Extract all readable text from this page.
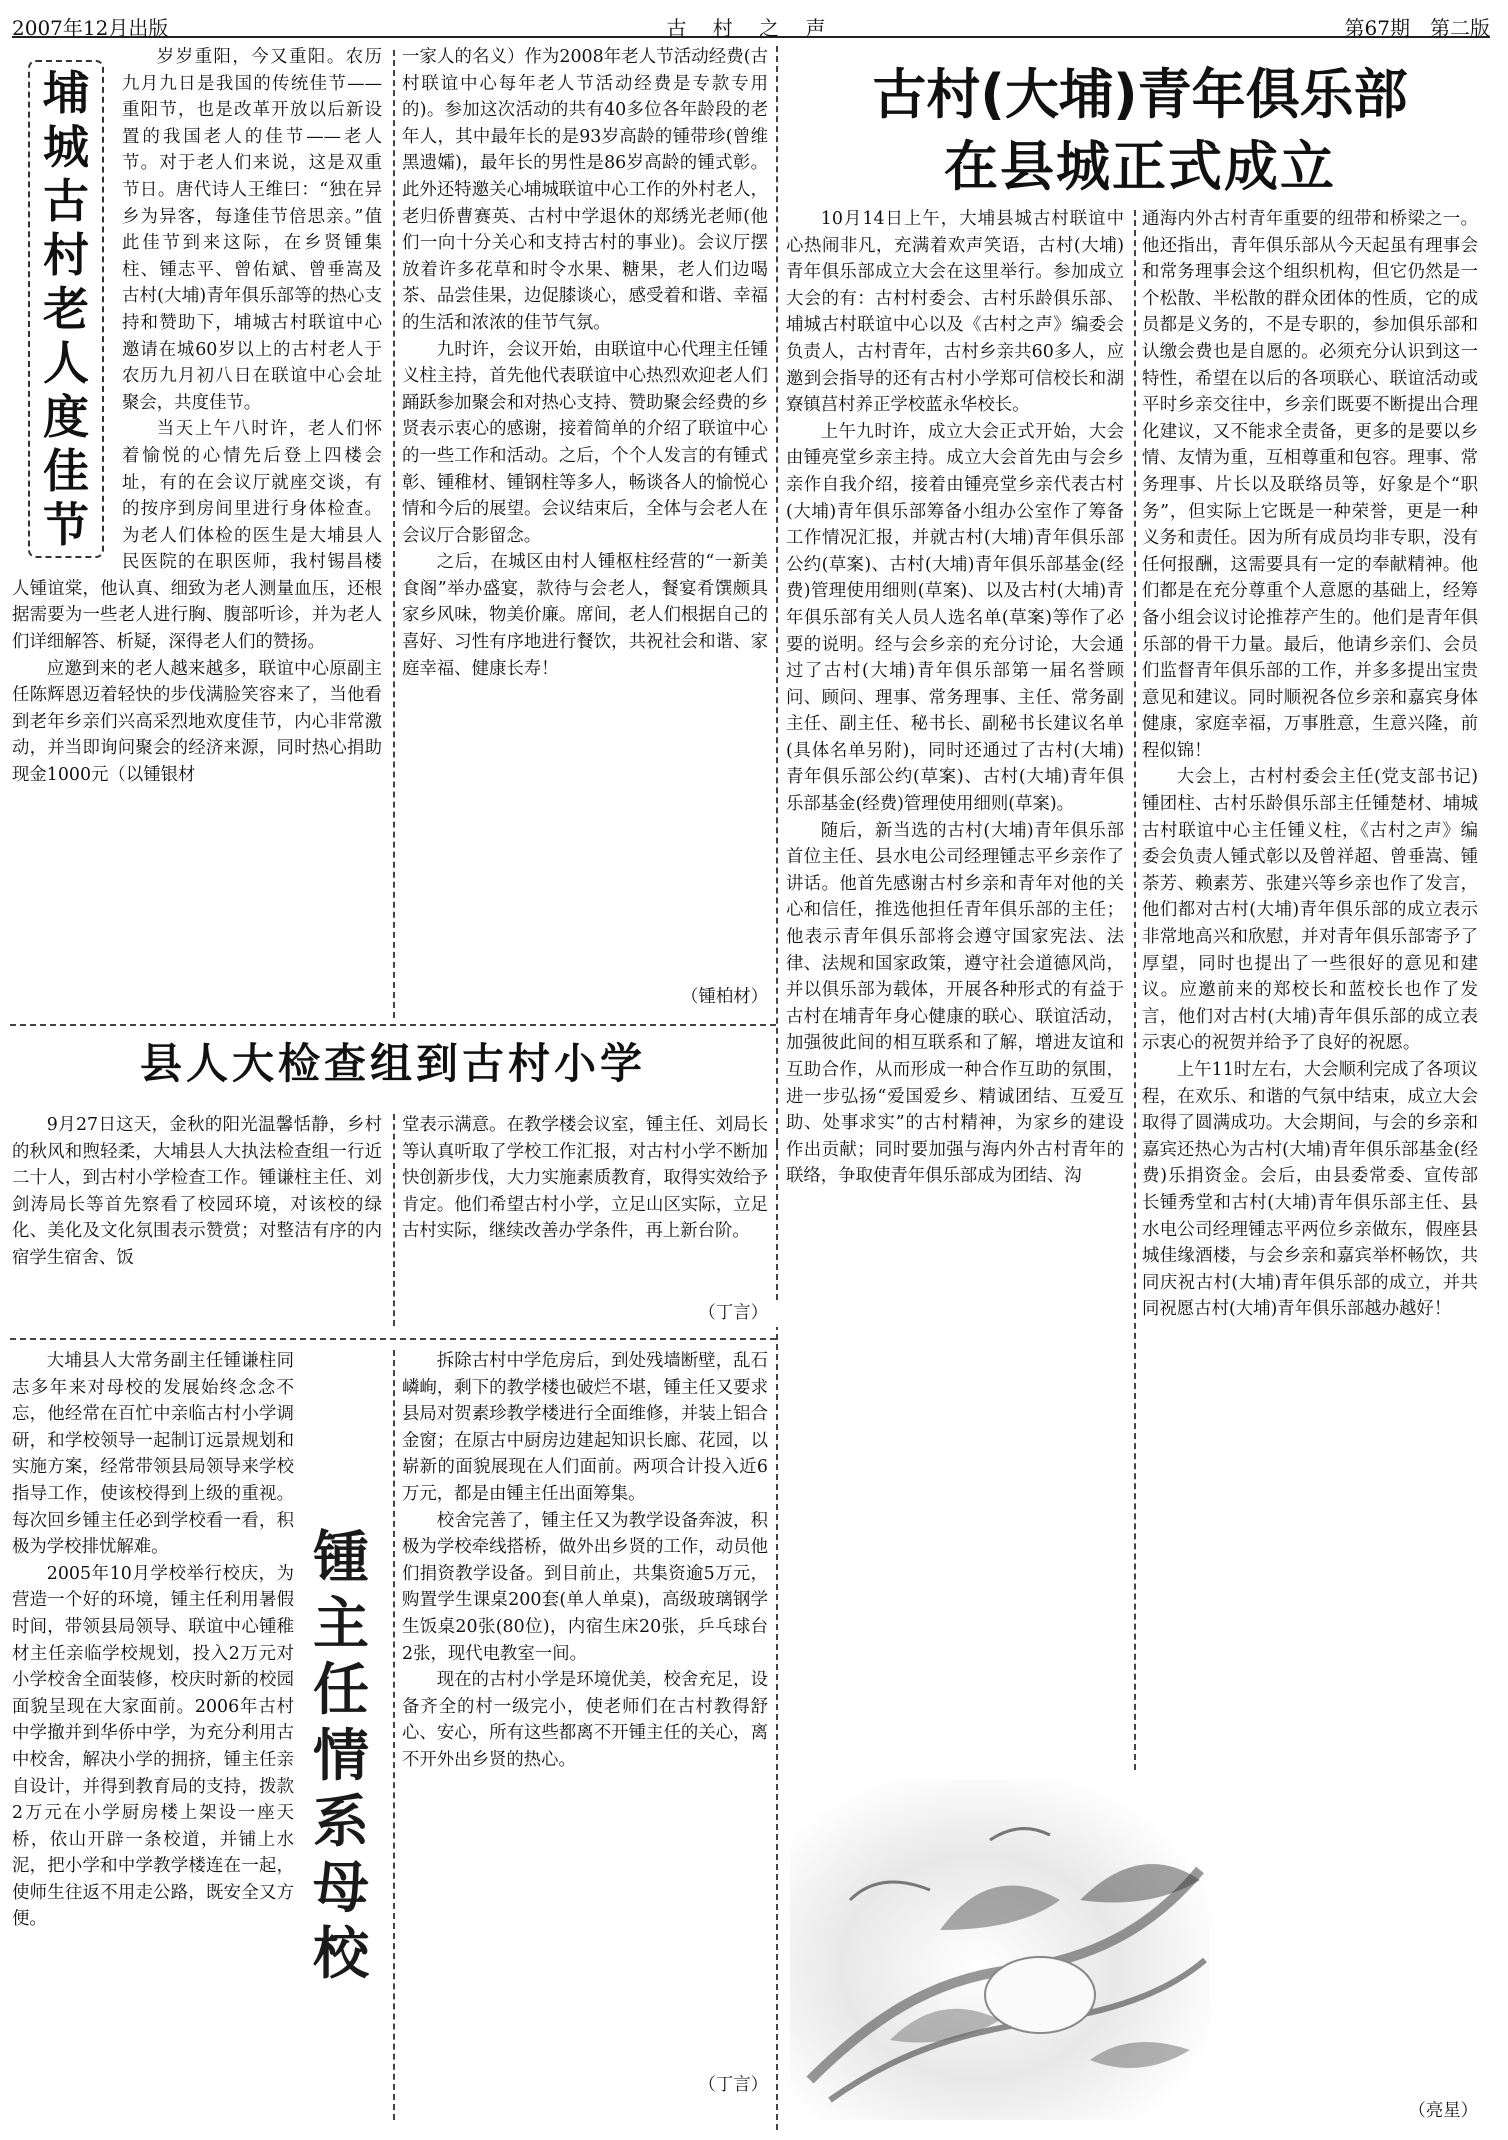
2007年12月出版	古 村 之 声	第67期　第二版
埔
城
古
村
老
人
度
佳
节

岁岁重阳，今又重阳。农历九月九日是我国的传统佳节——重阳节，也是改革开放以后新设置的我国老人的佳节——老人节。对于老人们来说，这是双重节日。唐代诗人王维曰：“独在异乡为异客，每逢佳节倍思亲。”值此佳节到来这际，在乡贤锺集柱、锺志平、曾佑斌、曾垂嵩及古村(大埔)青年俱乐部等的热心支持和赞助下，埔城古村联谊中心邀请在城60岁以上的古村老人于农历九月初八日在联谊中心会址聚会，共度佳节。

当天上午八时许，老人们怀着愉悦的心情先后登上四楼会址，有的在会议厅就座交谈，有的按序到房间里进行身体检查。为老人们体检的医生是大埔县人民医院的在职医师，我村锡昌楼人锺谊棠，他认真、细致为老人测量血压，还根据需要为一些老人进行胸、腹部听诊，并为老人们详细解答、析疑，深得老人们的赞扬。

应邀到来的老人越来越多，联谊中心原副主任陈辉恩迈着轻快的步伐满脸笑容来了，当他看到老年乡亲们兴高采烈地欢度佳节，内心非常激动，并当即询问聚会的经济来源，同时热心捐助现金1000元（以锺银材

一家人的名义）作为2008年老人节活动经费(古村联谊中心每年老人节活动经费是专款专用的)。参加这次活动的共有40多位各年龄段的老年人，其中最年长的是93岁高龄的锺带珍(曾维黑遗孀)，最年长的男性是86岁高龄的锺式彰。此外还特邀关心埔城联谊中心工作的外村老人，老归侨曹赛英、古村中学退休的郑绣光老师(他们一向十分关心和支持古村的事业)。会议厅摆放着许多花草和时令水果、糖果，老人们边喝茶、品尝佳果，边促膝谈心，感受着和谐、幸福的生活和浓浓的佳节气氛。

九时许，会议开始，由联谊中心代理主任锺义柱主持，首先他代表联谊中心热烈欢迎老人们踊跃参加聚会和对热心支持、赞助聚会经费的乡贤表示衷心的感谢，接着简单的介绍了联谊中心的一些工作和活动。之后，个个人发言的有锺式彰、锺稚材、锺钢柱等多人，畅谈各人的愉悦心情和今后的展望。会议结束后，全体与会老人在会议厅合影留念。

之后，在城区由村人锺枢柱经营的“一新美食阁”举办盛宴，款待与会老人，餐宴肴馔颇具家乡风味，物美价廉。席间，老人们根据自己的喜好、习性有序地进行餐饮，共祝社会和谐、家庭幸福、健康长寿！

（锺柏材）
县人大检查组到古村小学

9月27日这天，金秋的阳光温馨恬静，乡村的秋风和煦轻柔，大埔县人大执法检查组一行近二十人，到古村小学检查工作。锺谦柱主任、刘剑涛局长等首先察看了校园环境，对该校的绿化、美化及文化氛围表示赞赏；对整洁有序的内宿学生宿舍、饭

堂表示满意。在教学楼会议室，锺主任、刘局长等认真听取了学校工作汇报，对古村小学不断加快创新步伐，大力实施素质教育，取得实效给予肯定。他们希望古村小学，立足山区实际，立足古村实际，继续改善办学条件，再上新台阶。

（丁言）

大埔县人大常务副主任锺谦柱同志多年来对母校的发展始终念念不忘，他经常在百忙中亲临古村小学调研，和学校领导一起制订远景规划和实施方案，经常带领县局领导来学校指导工作，使该校得到上级的重视。每次回乡锺主任必到学校看一看，积极为学校排忧解难。

2005年10月学校举行校庆，为营造一个好的环境，锺主任利用暑假时间，带领县局领导、联谊中心锺稚材主任亲临学校规划，投入2万元对小学校舍全面装修，校庆时新的校园面貌呈现在大家面前。2006年古村中学撤并到华侨中学，为充分利用古中校舍，解决小学的拥挤，锺主任亲自设计，并得到教育局的支持，拨款2万元在小学厨房楼上架设一座天桥，依山开辟一条校道，并铺上水泥，把小学和中学教学楼连在一起，使师生往返不用走公路，既安全又方便。

锺
主
任
情
系
母
校

拆除古村中学危房后，到处残墙断壁，乱石嶙峋，剩下的教学楼也破烂不堪，锺主任又要求县局对贺素珍教学楼进行全面维修，并装上铝合金窗；在原古中厨房边建起知识长廊、花园，以崭新的面貌展现在人们面前。两项合计投入近6万元，都是由锺主任出面筹集。

校舍完善了，锺主任又为教学设备奔波，积极为学校牵线搭桥，做外出乡贤的工作，动员他们捐资教学设备。到目前止，共集资逾5万元，购置学生课桌200套(单人单桌)，高级玻璃钢学生饭桌20张(80位)，内宿生床20张，乒乓球台2张，现代电教室一间。

现在的古村小学是环境优美，校舍充足，设备齐全的村一级完小，使老师们在古村教得舒心、安心，所有这些都离不开锺主任的关心，离不开外出乡贤的热心。

（丁言）
古村(大埔)青年俱乐部
在县城正式成立

10月14日上午，大埔县城古村联谊中心热闹非凡，充满着欢声笑语，古村(大埔)青年俱乐部成立大会在这里举行。参加成立大会的有：古村村委会、古村乐龄俱乐部、埔城古村联谊中心以及《古村之声》编委会负责人，古村青年，古村乡亲共60多人，应邀到会指导的还有古村小学郑可信校长和湖寮镇莒村养正学校蓝永华校长。

上午九时许，成立大会正式开始，大会由锺亮堂乡亲主持。成立大会首先由与会乡亲作自我介绍，接着由锺亮堂乡亲代表古村(大埔)青年俱乐部筹备小组办公室作了筹备工作情况汇报，并就古村(大埔)青年俱乐部公约(草案)、古村(大埔)青年俱乐部基金(经费)管理使用细则(草案)、以及古村(大埔)青年俱乐部有关人员人选名单(草案)等作了必要的说明。经与会乡亲的充分讨论，大会通过了古村(大埔)青年俱乐部第一届名誉顾问、顾问、理事、常务理事、主任、常务副主任、副主任、秘书长、副秘书长建议名单(具体名单另附)，同时还通过了古村(大埔)青年俱乐部公约(草案)、古村(大埔)青年俱乐部基金(经费)管理使用细则(草案)。

随后，新当选的古村(大埔)青年俱乐部首位主任、县水电公司经理锺志平乡亲作了讲话。他首先感谢古村乡亲和青年对他的关心和信任，推选他担任青年俱乐部的主任；他表示青年俱乐部将会遵守国家宪法、法律、法规和国家政策，遵守社会道德风尚，并以俱乐部为载体，开展各种形式的有益于古村在埔青年身心健康的联心、联谊活动，加强彼此间的相互联系和了解，增进友谊和互助合作，从而形成一种合作互助的氛围，进一步弘扬“爱国爱乡、精诚团结、互爱互助、处事求实”的古村精神，为家乡的建设作出贡献；同时要加强与海内外古村青年的联络，争取使青年俱乐部成为团结、沟

通海内外古村青年重要的纽带和桥梁之一。他还指出，青年俱乐部从今天起虽有理事会和常务理事会这个组织机构，但它仍然是一个松散、半松散的群众团体的性质，它的成员都是义务的，不是专职的，参加俱乐部和认缴会费也是自愿的。必须充分认识到这一特性，希望在以后的各项联心、联谊活动或平时乡亲交往中，乡亲们既要不断提出合理化建议，又不能求全责备，更多的是要以乡情、友情为重，互相尊重和包容。理事、常务理事、片长以及联络员等，好象是个“职务”，但实际上它既是一种荣誉，更是一种义务和责任。因为所有成员均非专职，没有任何报酬，这需要具有一定的奉献精神。他们都是在充分尊重个人意愿的基础上，经筹备小组会议讨论推荐产生的。他们是青年俱乐部的骨干力量。最后，他请乡亲们、会员们监督青年俱乐部的工作，并多多提出宝贵意见和建议。同时顺祝各位乡亲和嘉宾身体健康，家庭幸福，万事胜意，生意兴隆，前程似锦！

大会上，古村村委会主任(党支部书记)锺团柱、古村乐龄俱乐部主任锺楚材、埔城古村联谊中心主任锺义柱，《古村之声》编委会负责人锺式彰以及曾祥超、曾垂嵩、锺荼芳、赖素芳、张建兴等乡亲也作了发言，他们都对古村(大埔)青年俱乐部的成立表示非常地高兴和欣慰，并对青年俱乐部寄予了厚望，同时也提出了一些很好的意见和建议。应邀前来的郑校长和蓝校长也作了发言，他们对古村(大埔)青年俱乐部的成立表示衷心的祝贺并给予了良好的祝愿。

上午11时左右，大会顺利完成了各项议程，在欢乐、和谐的气氛中结束，成立大会取得了圆满成功。大会期间，与会的乡亲和嘉宾还热心为古村(大埔)青年俱乐部基金(经费)乐捐资金。会后，由县委常委、宣传部长锺秀堂和古村(大埔)青年俱乐部主任、县水电公司经理锺志平两位乡亲做东，假座县城佳缘酒楼，与会乡亲和嘉宾举杯畅饮，共同庆祝古村(大埔)青年俱乐部的成立，并共同祝愿古村(大埔)青年俱乐部越办越好！

（亮星）
